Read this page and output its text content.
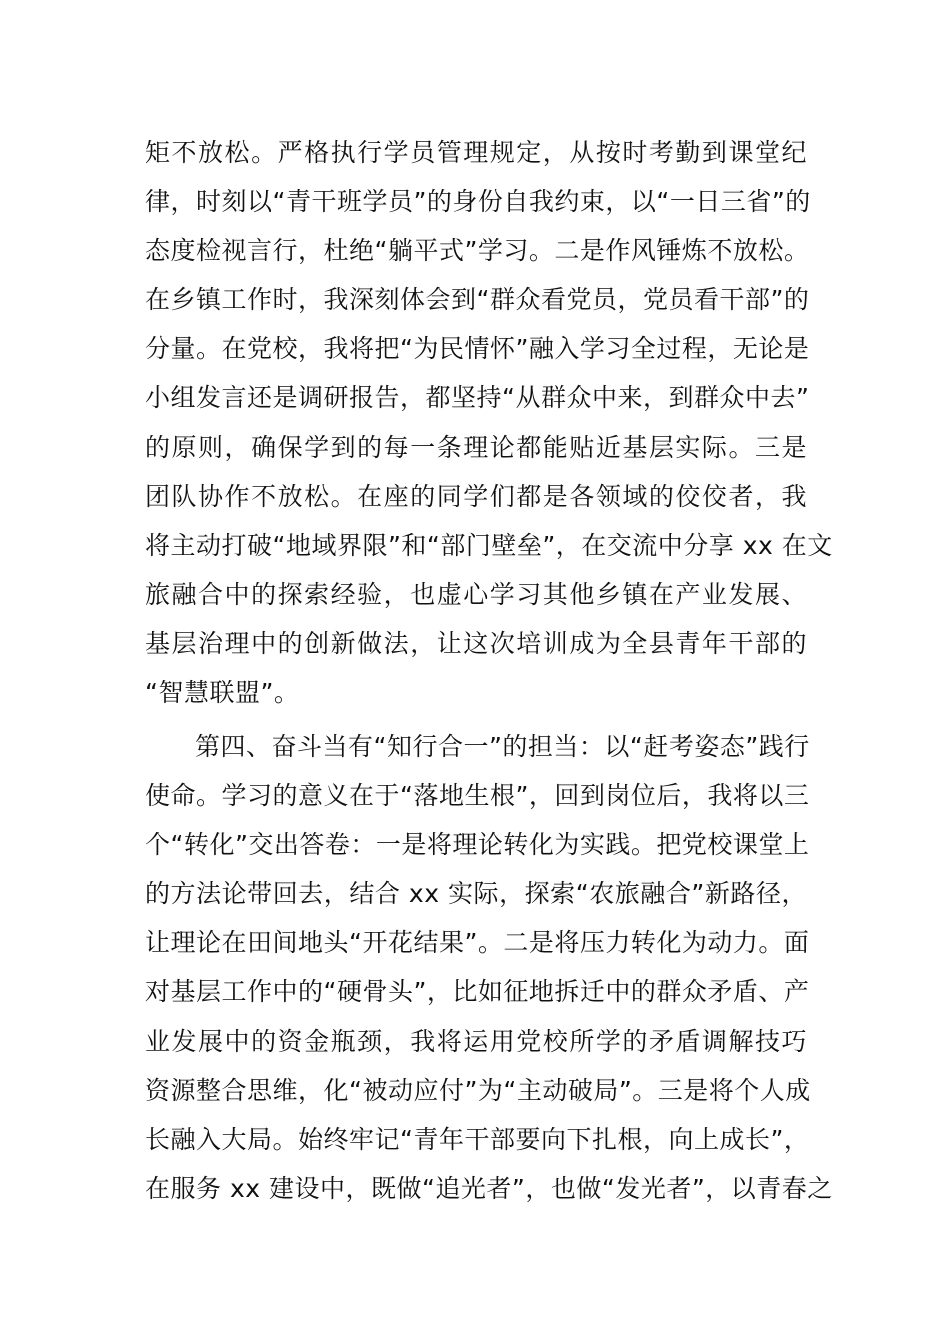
矩不放松。严格执行学员管理规定，从按时考勤到课堂纪
律，时刻以“青干班学员”的身份自我约束，以“一日三省”的
态度检视言行，杜绝“躺平式”学习。二是作风锤炼不放松。
在乡镇工作时，我深刻体会到“群众看党员，党员看干部”的
分量。在党校，我将把“为民情怀”融入学习全过程，无论是
小组发言还是调研报告，都坚持“从群众中来，到群众中去”
的原则，确保学到的每一条理论都能贴近基层实际。三是
团队协作不放松。在座的同学们都是各领域的佼佼者，我
将主动打破“地域界限”和“部门壁垒”，在交流中分享 xx 在文
旅融合中的探索经验，也虚心学习其他乡镇在产业发展、
基层治理中的创新做法，让这次培训成为全县青年干部的
“智慧联盟”。
第四、奋斗当有“知行合一”的担当：以“赶考姿态”践行
使命。学习的意义在于“落地生根”，回到岗位后，我将以三
个“转化”交出答卷：一是将理论转化为实践。把党校课堂上
的方法论带回去，结合 xx 实际，探索“农旅融合”新路径，
让理论在田间地头“开花结果”。二是将压力转化为动力。面
对基层工作中的“硬骨头”，比如征地拆迁中的群众矛盾、产
业发展中的资金瓶颈，我将运用党校所学的矛盾调解技巧
资源整合思维，化“被动应付”为“主动破局”。三是将个人成
长融入大局。始终牢记“青年干部要向下扎根，向上成长”，
在服务 xx 建设中，既做“追光者”，也做“发光者”，以青春之
